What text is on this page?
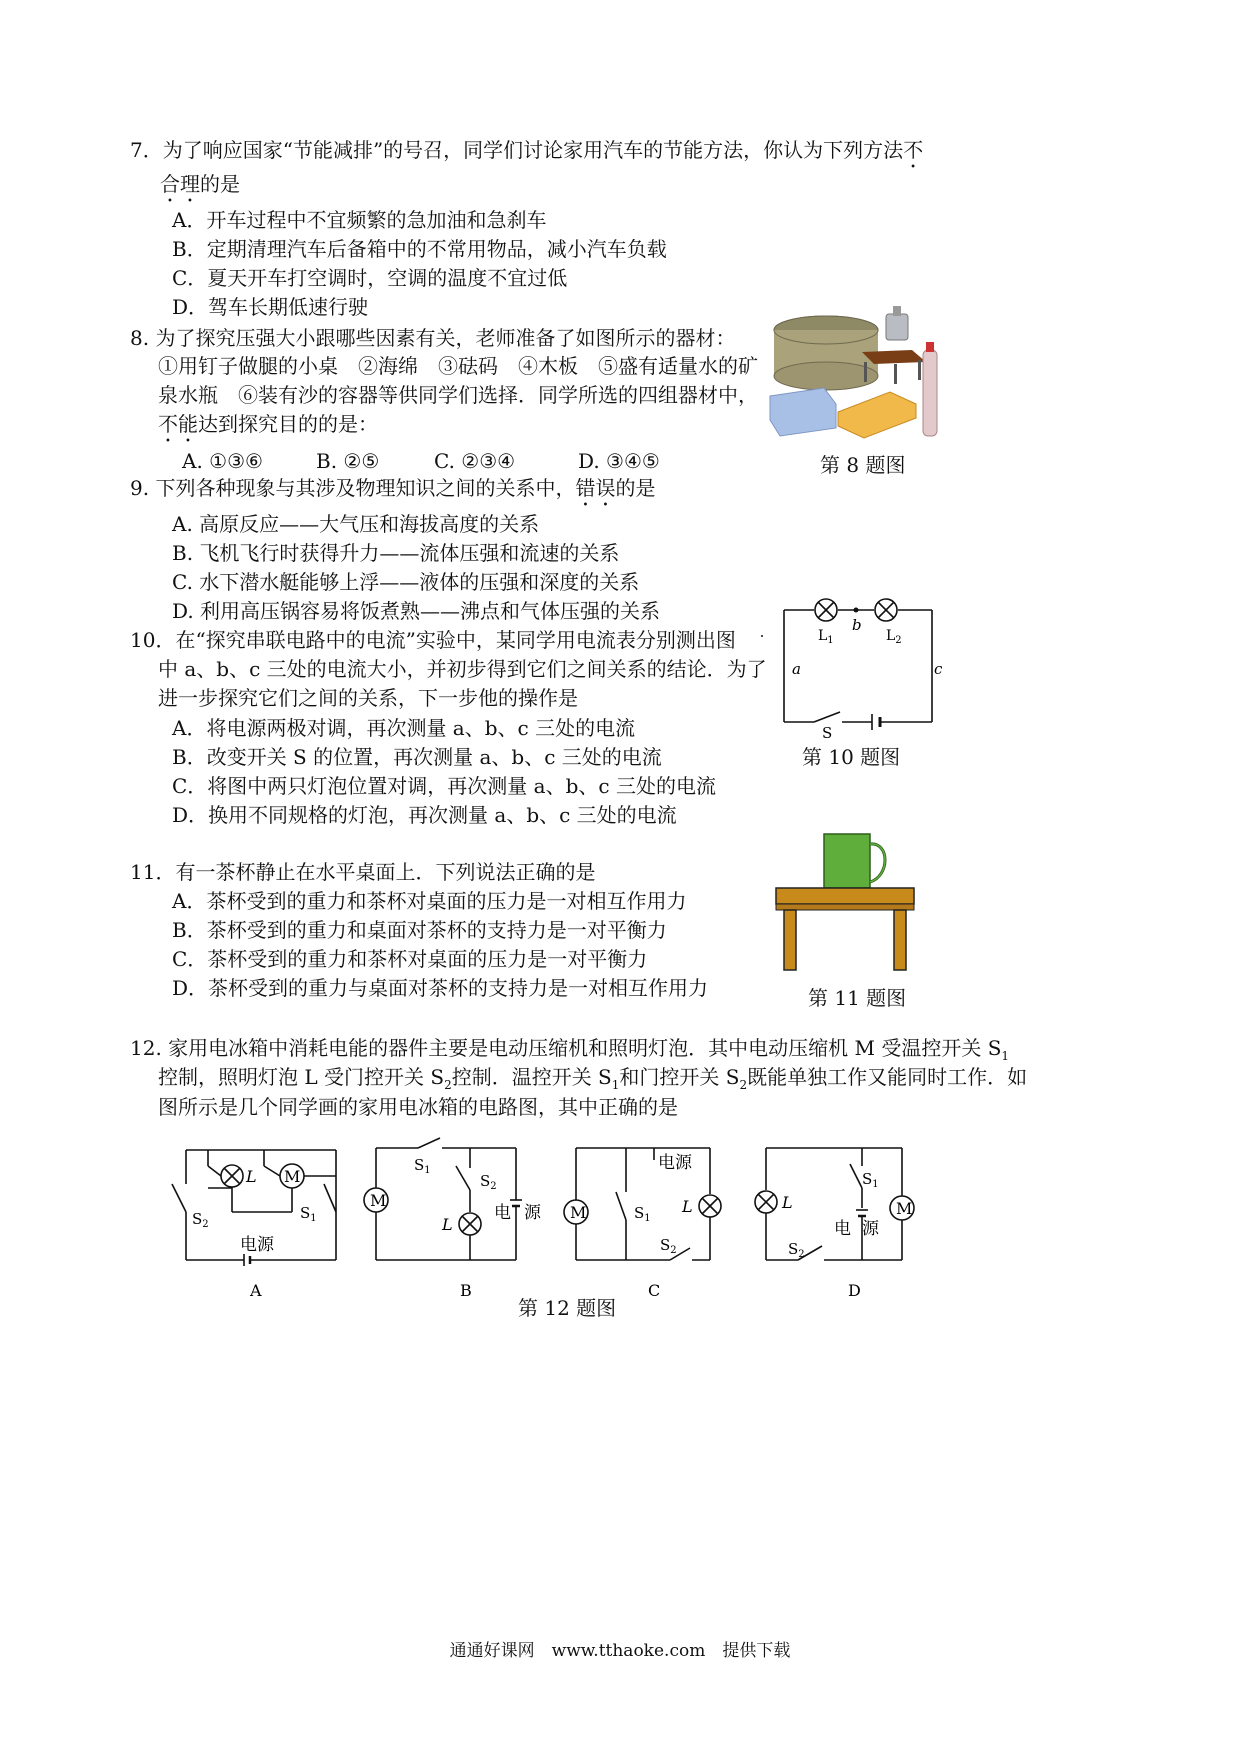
7．为了响应国家“节能减排”的号召，同学们讨论家用汽车的节能方法，你认为下列方法不
合理的是
A．开车过程中不宜频繁的急加油和急刹车
B．定期清理汽车后备箱中的不常用物品，减小汽车负载
C．夏天开车打空调时，空调的温度不宜过低
D．驾车长期低速行驶
8. 为了探究压强大小跟哪些因素有关，老师准备了如图所示的器材：
①用钉子做腿的小桌　②海绵　③砝码　④木板　⑤盛有适量水的矿
泉水瓶　⑥装有沙的容器等供同学们选择．同学所选的四组器材中，
不能达到探究目的的是：
A. ①③⑥	B. ②⑤	C. ②③④	D. ③④⑤	第 8 题图
9. 下列各种现象与其涉及物理知识之间的关系中，错误的是
A. 高原反应——大气压和海拔高度的关系
B. 飞机飞行时获得升力——流体压强和流速的关系
C. 水下潜水艇能够上浮——液体的压强和深度的关系
D. 利用高压锅容易将饭煮熟——沸点和气体压强的关系
10．在“探究串联电路中的电流”实验中，某同学用电流表分别测出图
中 a、b、c 三处的电流大小，并初步得到它们之间关系的结论．为了
进一步探究它们之间的关系，下一步他的操作是
A．将电源两极对调，再次测量 a、b、c 三处的电流
B．改变开关 S 的位置，再次测量 a、b、c 三处的电流
C．将图中两只灯泡位置对调，再次测量 a、b、c 三处的电流
D．换用不同规格的灯泡，再次测量 a、b、c 三处的电流
$L_1$
b
$L_2$
a	c
S
第 10 题图
11．有一茶杯静止在水平桌面上．下列说法正确的是
A．茶杯受到的重力和茶杯对桌面的压力是一对相互作用力
B．茶杯受到的重力和桌面对茶杯的支持力是一对平衡力
C．茶杯受到的重力和茶杯对桌面的压力是一对平衡力
D．茶杯受到的重力与桌面对茶杯的支持力是一对相互作用力	第 11 题图
12. 家用电冰箱中消耗电能的器件主要是电动压缩机和照明灯泡．其中电动压缩机 M 受温控开关 $S_1$
控制，照明灯泡 L 受门控开关 $S_2$控制．温控开关 $S_1$和门控开关 $S_2$既能单独工作又能同时工作．如
图所示是几个同学画的家用电冰箱的电路图，其中正确的是
L M
$S_2$
$S_1$
电源
A
M
$S_1$
$S_2$
L
电 源
B
M	$S_1$
L
$S_2$
电源
C
L
$S_1$
电 源
$S_2$
M
D
第 12 题图
通通好课网　www.tthaoke.com　提供下载
